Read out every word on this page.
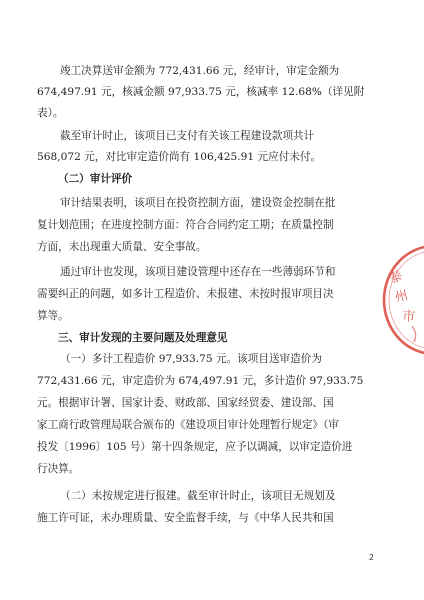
竣工决算送审金额为 772,431.66 元，经审计，审定金额为
674,497.91 元，核减金额 97,933.75 元，核减率 12.68%（详见附
表）。
截至审计时止，该项目已支付有关该工程建设款项共计
568,072 元，对比审定造价尚有 106,425.91 元应付未付。
（二）审计评价
审计结果表明，该项目在投资控制方面，建设资金控制在批
复计划范围；在进度控制方面：符合合同约定工期；在质量控制
方面，未出现重大质量、安全事故。
通过审计也发现，该项目建设管理中还存在一些薄弱环节和
需要纠正的问题，如多计工程造价、未报建、未按时报审项目决
算等。
三、审计发现的主要问题及处理意见
（一）多计工程造价 97,933.75 元。该项目送审造价为
772,431.66 元，审定造价为 674,497.91 元，多计造价 97,933.75
元。根据审计署、国家计委、财政部、国家经贸委、建设部、国
家工商行政管理局联合颁布的《建设项目审计处理暂行规定》（审
投发〔1996〕105 号）第十四条规定，应予以调减，以审定造价进
行决算。
（二）未按规定进行报建。截至审计时止，该项目无规划及
施工许可证，未办理质量、安全监督手续，与《中华人民共和国
泰
州
市
2
